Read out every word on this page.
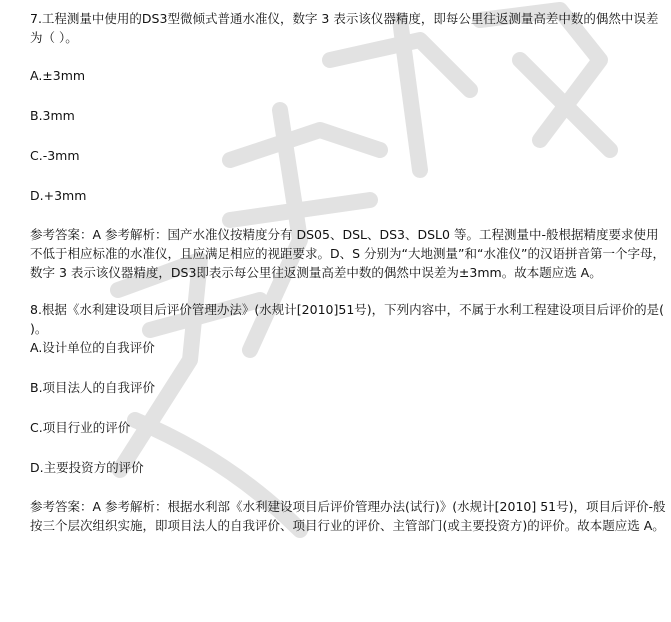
7.工程测量中使用的DS3型微倾式普通水准仪，数字 3 表示该仪器精度，即每公里往返测量高差中数的偶然中误差为（ ）。
A.±3mm
B.3mm
C.-3mm
D.+3mm
参考答案：A 参考解析：国产水准仪按精度分有 DS05、DSL、DS3、DSL0 等。工程测量中-般根据精度要求使用不低于相应标准的水准仪，且应满足相应的视距要求。D、S 分别为“大地测量”和“水准仪”的汉语拼音第一个字母，数字 3 表示该仪器精度，DS3即表示每公里往返测量高差中数的偶然中误差为±3mm。故本题应选 A。
8.根据《水利建设项目后评价管理办法》(水规计[2010]51号)，下列内容中，不属于水利工程建设项目后评价的是( )。
A.设计单位的自我评价
B.项目法人的自我评价
C.项目行业的评价
D.主要投资方的评价
参考答案：A 参考解析：根据水利部《水利建设项目后评价管理办法(试行)》(水规计[2010] 51号)，项目后评价-般按三个层次组织实施，即项目法人的自我评价、项目行业的评价、主管部门(或主要投资方)的评价。故本题应选 A。
